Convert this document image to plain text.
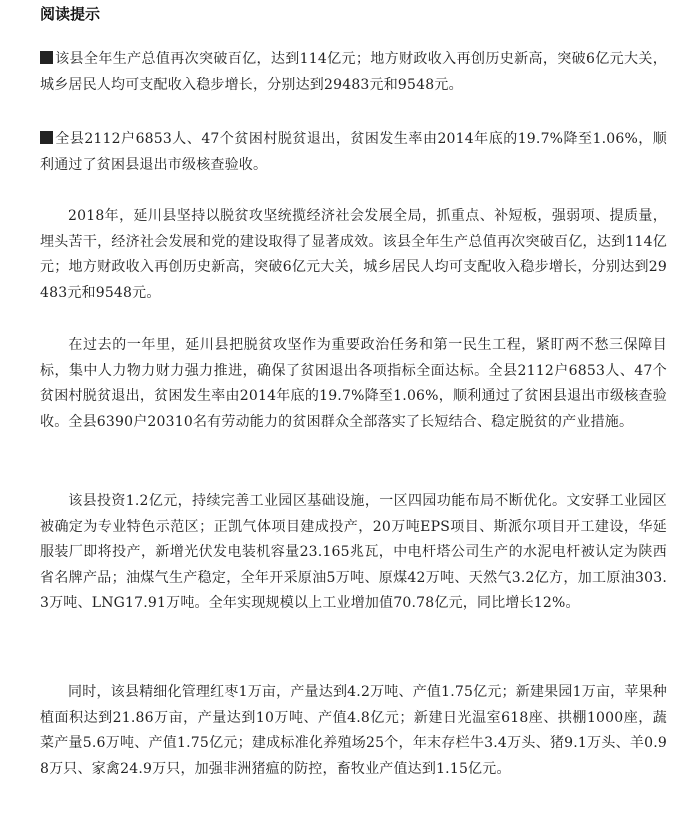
阅读提示

该县全年生产总值再次突破百亿，达到114亿元；地方财政收入再创历史新高，突破6亿元大关，城乡居民人均可支配收入稳步增长，分别达到29483元和9548元。

全县2112户6853人、47个贫困村脱贫退出，贫困发生率由2014年底的19.7%降至1.06%，顺利通过了贫困县退出市级核查验收。

2018年，延川县坚持以脱贫攻坚统揽经济社会发展全局，抓重点、补短板，强弱项、提质量，埋头苦干，经济社会发展和党的建设取得了显著成效。该县全年生产总值再次突破百亿，达到114亿元；地方财政收入再创历史新高，突破6亿元大关，城乡居民人均可支配收入稳步增长，分别达到29483元和9548元。

在过去的一年里，延川县把脱贫攻坚作为重要政治任务和第一民生工程，紧盯两不愁三保障目标，集中人力物力财力强力推进，确保了贫困退出各项指标全面达标。全县2112户6853人、47个贫困村脱贫退出，贫困发生率由2014年底的19.7%降至1.06%，顺利通过了贫困县退出市级核查验收。全县6390户20310名有劳动能力的贫困群众全部落实了长短结合、稳定脱贫的产业措施。

该县投资1.2亿元，持续完善工业园区基础设施，一区四园功能布局不断优化。文安驿工业园区被确定为专业特色示范区；正凯气体项目建成投产，20万吨EPS项目、斯派尔项目开工建设，华延服装厂即将投产，新增光伏发电装机容量23.165兆瓦，中电杆塔公司生产的水泥电杆被认定为陕西省名牌产品；油煤气生产稳定，全年开采原油5万吨、原煤42万吨、天然气3.2亿方，加工原油303.3万吨、LNG17.91万吨。全年实现规模以上工业增加值70.78亿元，同比增长12%。

同时，该县精细化管理红枣1万亩，产量达到4.2万吨、产值1.75亿元；新建果园1万亩，苹果种植面积达到21.86万亩，产量达到10万吨、产值4.8亿元；新建日光温室618座、拱棚1000座，蔬菜产量5.6万吨、产值1.75亿元；建成标准化养殖场25个，年末存栏牛3.4万头、猪9.1万头、羊0.98万只、家禽24.9万只，加强非洲猪瘟的防控，畜牧业产值达到1.15亿元。
